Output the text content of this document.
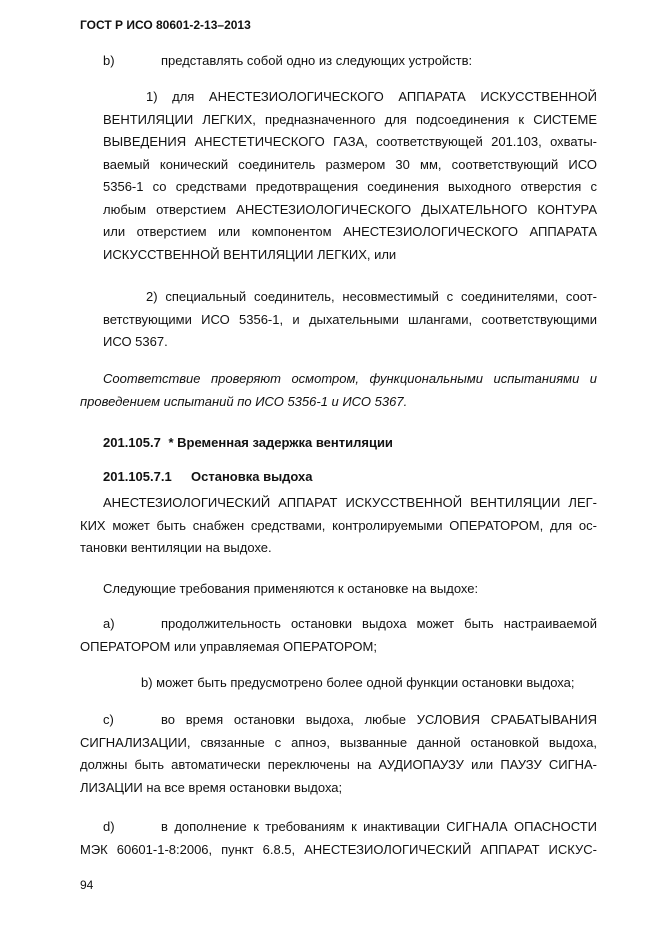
ГОСТ Р ИСО 80601-2-13–2013
b)	представлять собой одно из следующих устройств:
1) для АНЕСТЕЗИОЛОГИЧЕСКОГО АППАРАТА ИСКУССТВЕННОЙ
ВЕНТИЛЯЦИИ ЛЕГКИХ, предназначенного для подсоединения к СИСТЕМЕ
ВЫВЕДЕНИЯ АНЕСТЕТИЧЕСКОГО ГАЗА, соответствующей 201.103, охваты-
ваемый конический соединитель размером 30 мм, соответствующий ИСО
5356-1 со средствами предотвращения соединения выходного отверстия с
любым отверстием АНЕСТЕЗИОЛОГИЧЕСКОГО ДЫХАТЕЛЬНОГО КОНТУРА
или отверстием или компонентом АНЕСТЕЗИОЛОГИЧЕСКОГО АППАРАТА
ИСКУССТВЕННОЙ ВЕНТИЛЯЦИИ ЛЕГКИХ, или
2) специальный соединитель, несовместимый с соединителями, соот-
ветствующими ИСО 5356-1, и дыхательными шлангами, соответствующими
ИСО 5367.
Соответствие проверяют осмотром, функциональными испытаниями и
проведением испытаний по ИСО 5356-1 и ИСО 5367.
201.105.7 * Временная задержка вентиляции
201.105.7.1 Остановка выдоха
АНЕСТЕЗИОЛОГИЧЕСКИЙ АППАРАТ ИСКУССТВЕННОЙ ВЕНТИЛЯЦИИ ЛЕГ-
КИХ может быть снабжен средствами, контролируемыми ОПЕРАТОРОМ, для ос-
тановки вентиляции на выдохе.
Следующие требования применяются к остановке на выдохе:
a)	продолжительность остановки выдоха может быть настраиваемой
ОПЕРАТОРОМ или управляемая ОПЕРАТОРОМ;
b) может быть предусмотрено более одной функции остановки выдоха;
c)	во время остановки выдоха, любые УСЛОВИЯ СРАБАТЫВАНИЯ
СИГНАЛИЗАЦИИ, связанные с апноэ, вызванные данной остановкой выдоха,
должны быть автоматически переключены на АУДИОПАУЗУ или ПАУЗУ СИГНА-
ЛИЗАЦИИ на все время остановки выдоха;
d)	в дополнение к требованиям к инактивации СИГНАЛА ОПАСНОСТИ
МЭК 60601-1-8:2006, пункт 6.8.5, АНЕСТЕЗИОЛОГИЧЕСКИЙ АППАРАТ ИСКУС-
94
